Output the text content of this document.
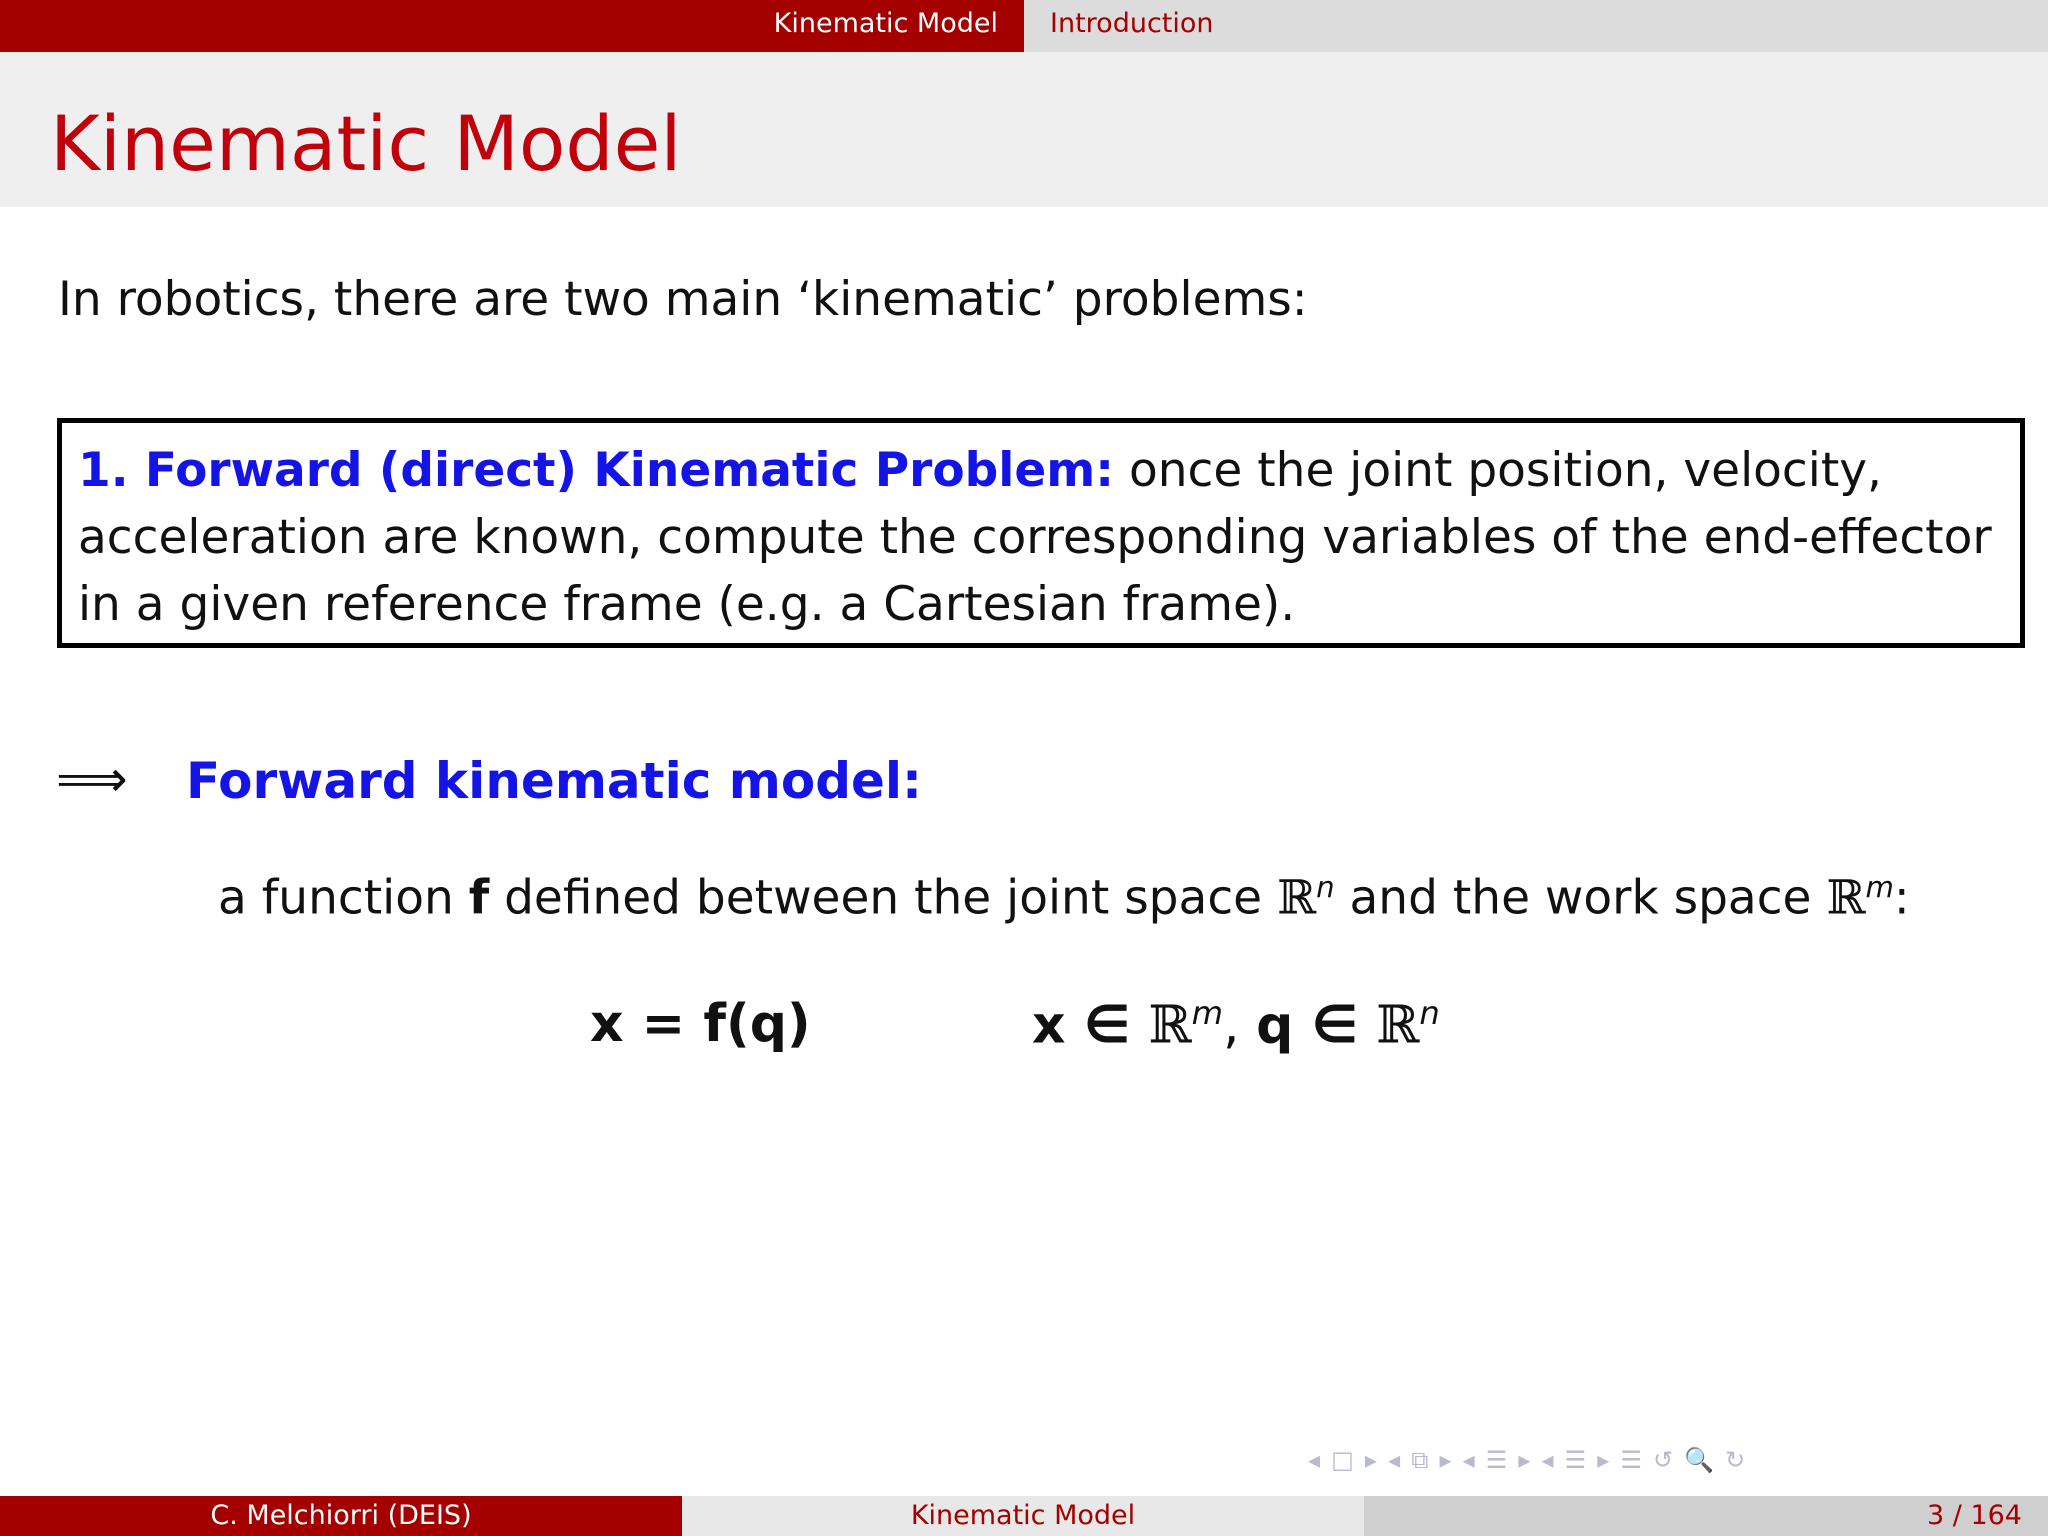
Kinematic Model	Introduction
Kinematic Model

In robotics, there are two main ‘kinematic’ problems:

1. Forward (direct) Kinematic Problem: once the joint position, velocity, acceleration are known, compute the corresponding variables of the end-effector in a given reference frame (e.g. a Cartesian frame).
⟹ Forward kinematic model:

a function f defined between the joint space ℝ$^n$ and the work space ℝ$^m$:

x = f(q)	x ∈ ℝ$^m$, q ∈ ℝ$^n$
◂ □ ▸ ◂ ⧉ ▸ ◂ ☰ ▸ ◂ ☰ ▸ ☰ ↺ 🔍 ↻
C. Melchiorri (DEIS)	Kinematic Model	3 / 164
